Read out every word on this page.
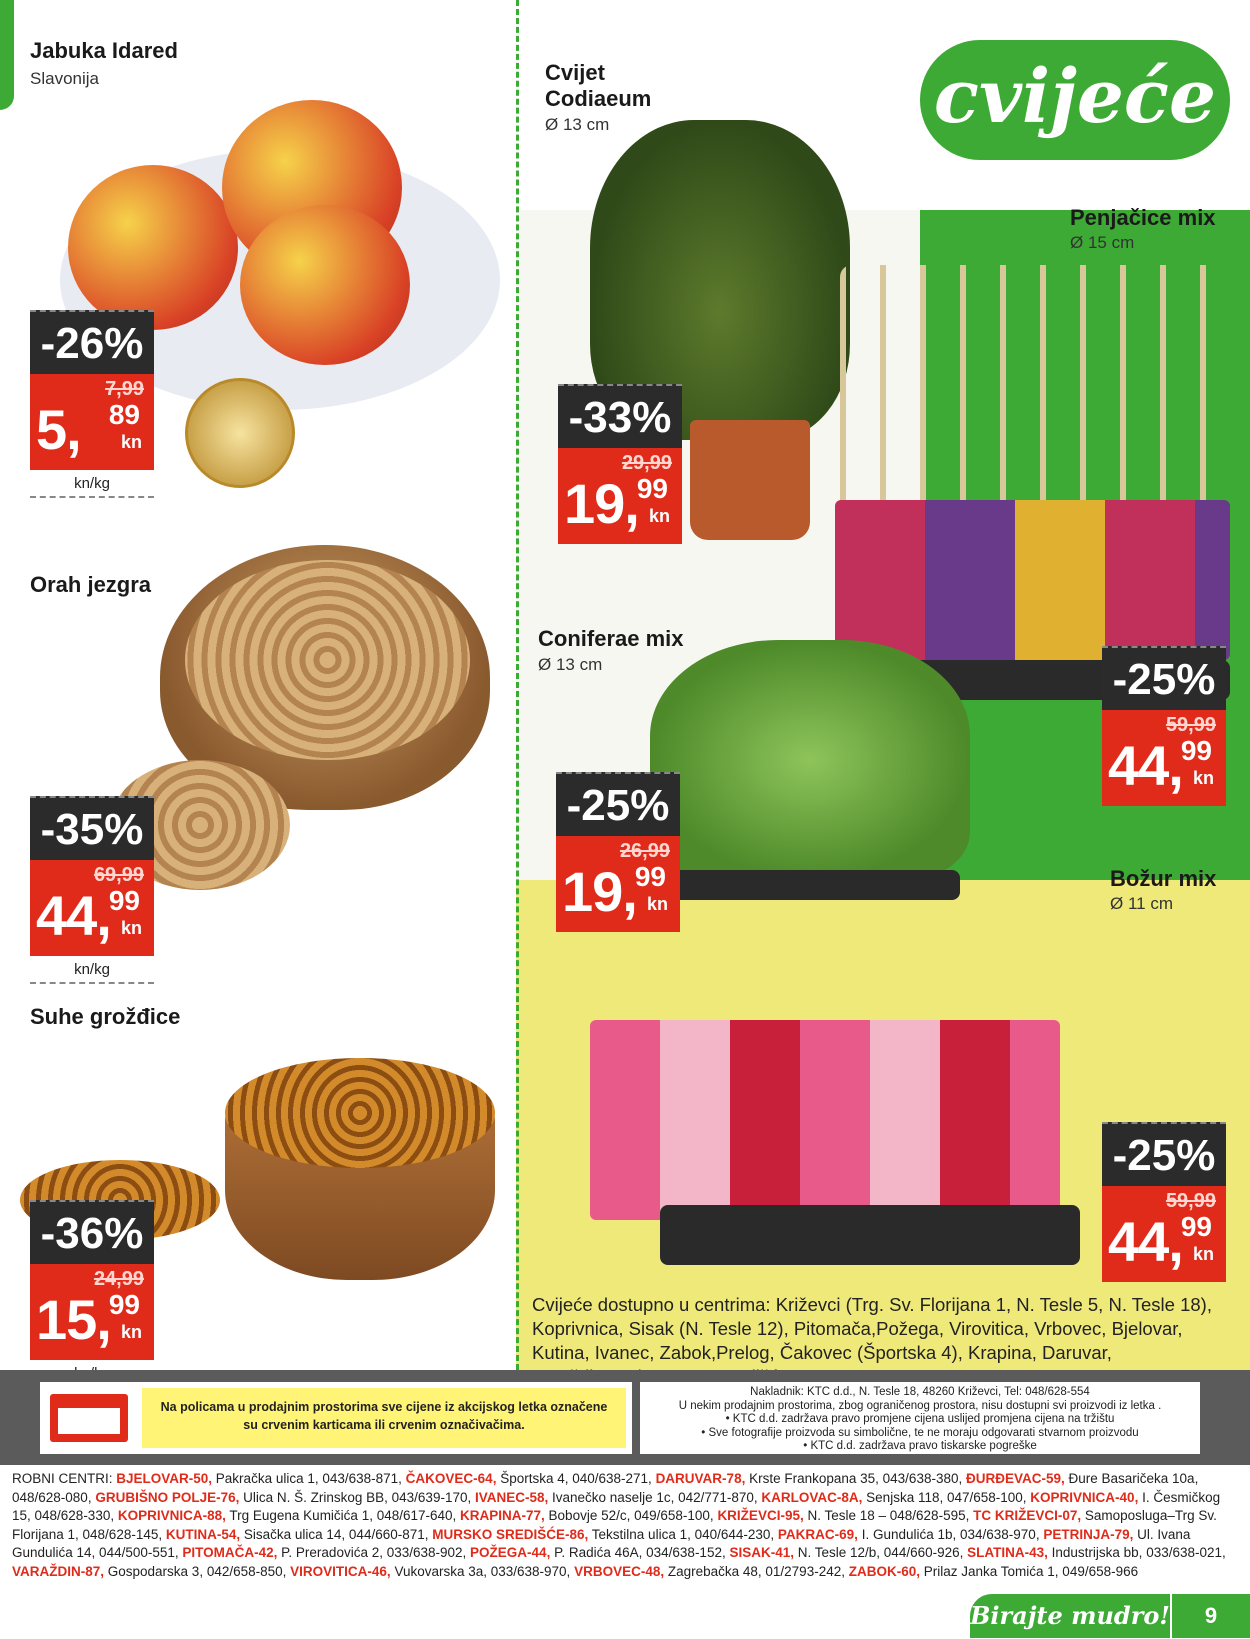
cvijeće
Jabuka Idared
Slavonija
-26%
7,99
5, 89
kn
kn/kg
Orah jezgra
-35%
69,99
44,
99
kn
kn/kg
Suhe grožđice
-36%
24,99
15,
99
kn
Cvijet Codiaeum
Ø 13 cm
-33%
29,99
19,
99
kn
Penjačice mix
Ø 15 cm
-25%
59,99
44,
99
kn
Coniferae mix
Ø 13 cm
-25%
26,99
19,
99
kn
Božur mix
Ø 11 cm
-25%
59,99
44,
99
kn
Cvijeće dostupno u centrima: Križevci (Trg. Sv. Florijana 1, N. Tesle 5, N. Tesle 18), Koprivnica, Sisak (N. Tesle 12), Pitomača,Požega, Virovitica, Vrbovec, Bjelovar, Kutina, Ivanec, Zabok,Prelog, Čakovec (Športska 4), Krapina, Daruvar,
Na policama u prodajnim prostorima sve cijene iz akcijskog letka označene su crvenim karticama ili crvenim označivačima.
Nakladnik: KTC d.d., N. Tesle 18, 48260 Križevci, Tel: 048/628-554
U nekim prodajnim prostorima, zbog ograničenog prostora, nisu dostupni svi proizvodi iz letka .
• KTC d.d. zadržava pravo promjene cijena uslijed promjena cijena na tržištu
• Sve fotografije proizvoda su simbolične, te ne moraju odgovarati stvarnom proizvodu
• KTC d.d. zadržava pravo tiskarske pogreške
ROBNI CENTRI: BJELOVAR-50, Pakračka ulica 1, 043/638-871, ČAKOVEC-64, Športska 4, 040/638-271, DARUVAR-78, Krste Frankopana 35, 043/638-380, ĐURĐEVAC-59, Đure Basaričeka 10a, 048/628-080, GRUBIŠNO POLJE-76, Ulica N. Š. Zrinskog BB, 043/639-170, IVANEC-58, Ivanečko naselje 1c, 042/771-870, KARLOVAC-8A, Senjska 118, 047/658-100, KOPRIVNICA-40, I. Česmičkog 15, 048/628-330, KOPRIVNICA-88, Trg Eugena Kumičića 1, 048/617-640, KRAPINA-77, Bobovje 52/c, 049/658-100, KRIŽEVCI-95, N. Tesle 18 – 048/628-595, TC KRIŽEVCI-07, Samoposluga–Trg Sv. Florijana 1, 048/628-145, KUTINA-54, Sisačka ulica 14, 044/660-871, MURSKO SREDIŠĆE-86, Tekstilna ulica 1, 040/644-230, PAKRAC-69, I. Gundulića 1b, 034/638-970, PETRINJA-79, Ul. Ivana Gundulića 14, 044/500-551, PITOMAČA-42, P. Preradovića 2, 033/638-902, POŽEGA-44, P. Radića 46A, 034/638-152, SISAK-41, N. Tesle 12/b, 044/660-926, SLATINA-43, Industrijska bb, 033/638-021, VARAŽDIN-87, Gospodarska 3, 042/658-850, VIROVITICA-46, Vukovarska 3a, 033/638-970, VRBOVEC-48, Zagrebačka 48, 01/2793-242, ZABOK-60, Prilaz Janka Tomića 1, 049/658-966
Birajte mudro!	9
